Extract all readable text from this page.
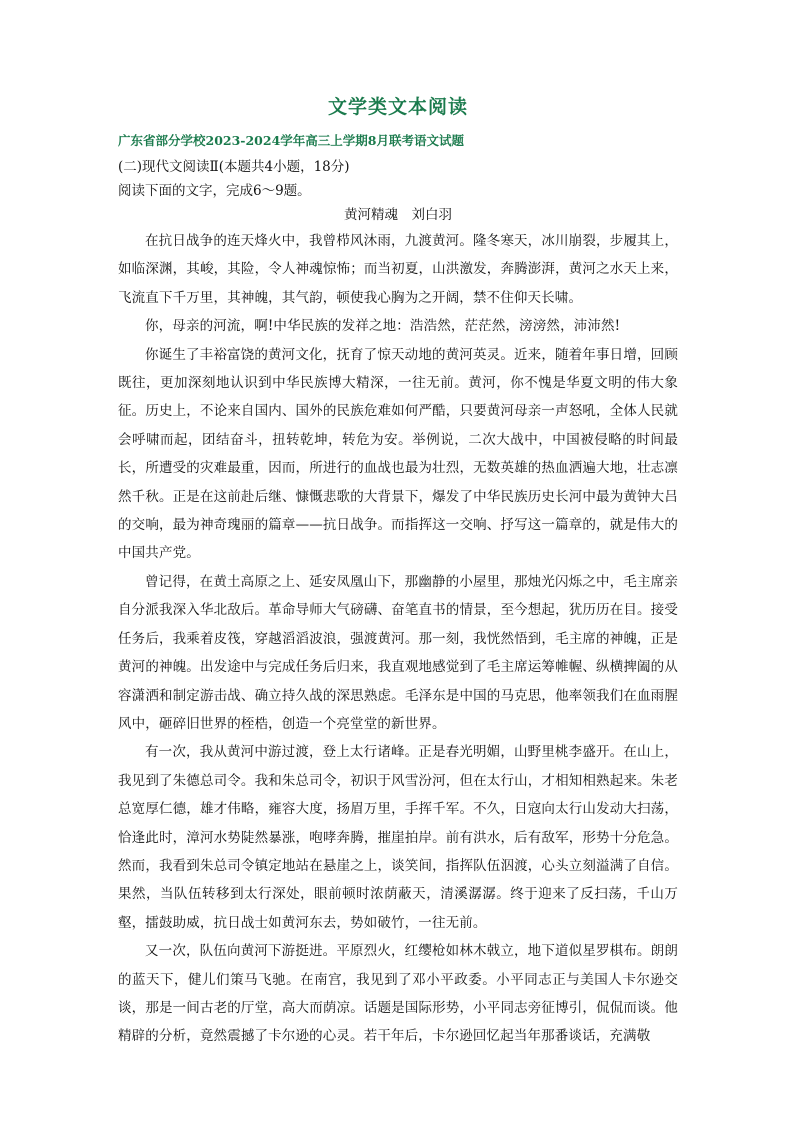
文学类文本阅读
广东省部分学校2023-2024学年高三上学期8月联考语文试题
(二)现代文阅读Ⅱ(本题共4小题，18分)
阅读下面的文字，完成6～9题。
黄河精魂　刘白羽

在抗日战争的连天烽火中，我曾栉风沐雨，九渡黄河。隆冬寒天，冰川崩裂，步履其上，如临深渊，其峻，其险，令人神魂惊怖；而当初夏，山洪激发，奔腾澎湃，黄河之水天上来，飞流直下千万里，其神魄，其气韵，顿使我心胸为之开阔，禁不住仰天长啸。

你，母亲的河流，啊!中华民族的发祥之地：浩浩然，茫茫然，滂滂然，沛沛然!

你诞生了丰裕富饶的黄河文化，抚育了惊天动地的黄河英灵。近来，随着年事日增，回顾既往，更加深刻地认识到中华民族博大精深，一往无前。黄河，你不愧是华夏文明的伟大象征。历史上，不论来自国内、国外的民族危难如何严酷，只要黄河母亲一声怒吼，全体人民就会呼啸而起，团结奋斗，扭转乾坤，转危为安。举例说，二次大战中，中国被侵略的时间最长，所遭受的灾难最重，因而，所进行的血战也最为壮烈，无数英雄的热血洒遍大地，壮志凛然千秋。正是在这前赴后继、慷慨悲歌的大背景下，爆发了中华民族历史长河中最为黄钟大吕的交响，最为神奇瑰丽的篇章——抗日战争。而指挥这一交响、抒写这一篇章的，就是伟大的中国共产党。

曾记得，在黄土高原之上、延安凤凰山下，那幽静的小屋里，那烛光闪烁之中，毛主席亲自分派我深入华北敌后。革命导师大气磅礴、奋笔直书的情景，至今想起，犹历历在目。接受任务后，我乘着皮筏，穿越滔滔波浪，强渡黄河。那一刻，我恍然悟到，毛主席的神魄，正是黄河的神魄。出发途中与完成任务后归来，我直观地感觉到了毛主席运筹帷幄、纵横捭阖的从容潇洒和制定游击战、确立持久战的深思熟虑。毛泽东是中国的马克思，他率领我们在血雨腥风中，砸碎旧世界的桎梏，创造一个亮堂堂的新世界。

有一次，我从黄河中游过渡，登上太行诸峰。正是春光明媚，山野里桃李盛开。在山上，我见到了朱德总司令。我和朱总司令，初识于风雪汾河，但在太行山，才相知相熟起来。朱老总宽厚仁德，雄才伟略，雍容大度，扬眉万里，手挥千军。不久，日寇向太行山发动大扫荡，恰逢此时，漳河水势陡然暴涨，咆哮奔腾，摧崖拍岸。前有洪水，后有敌军，形势十分危急。然而，我看到朱总司令镇定地站在悬崖之上，谈笑间，指挥队伍泅渡，心头立刻溢满了自信。果然，当队伍转移到太行深处，眼前顿时浓荫蔽天，清溪潺潺。终于迎来了反扫荡，千山万壑，擂鼓助威，抗日战士如黄河东去，势如破竹，一往无前。

又一次，队伍向黄河下游挺进。平原烈火，红缨枪如林木戟立，地下道似星罗棋布。朗朗的蓝天下，健儿们策马飞驰。在南宫，我见到了邓小平政委。小平同志正与美国人卡尔逊交谈，那是一间古老的厅堂，高大而荫凉。话题是国际形势，小平同志旁征博引，侃侃而谈。他精辟的分析，竟然震撼了卡尔逊的心灵。若干年后，卡尔逊回忆起当年那番谈话，充满敬
